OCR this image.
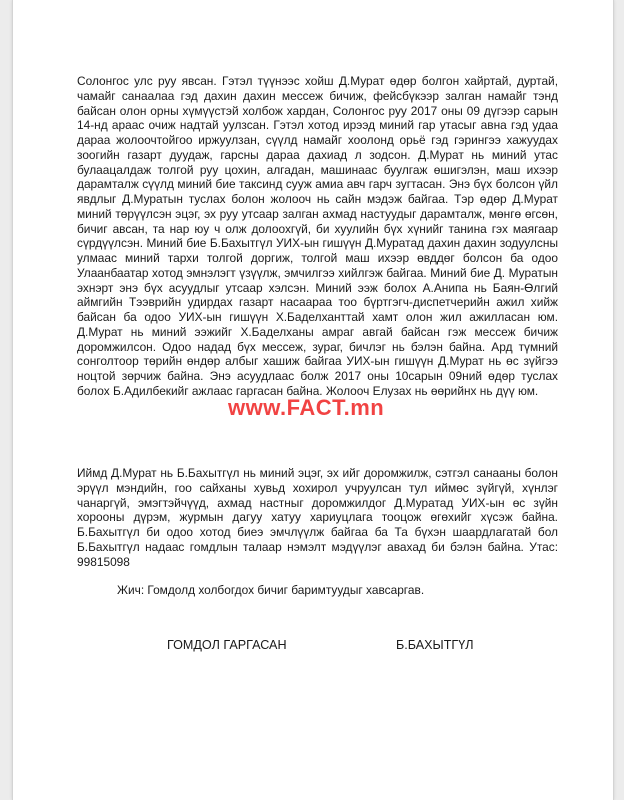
Солонгос улс руу явсан. Гэтэл түүнээс хойш Д.Мурат өдөр болгон хайртай, дуртай, чамайг санаалаа гэд дахин дахин мессеж бичиж, фейсбүкээр залган намайг тэнд байсан олон орны хүмүүстэй холбож хардан, Солонгос руу 2017 оны 09 дүгээр сарын 14-нд араас очиж надтай уулзсан. Гэтэл хотод ирээд миний гар утасыг авна гэд удаа дараа жолоочтойгоо иржуулзан, сүүлд намайг хоолонд орьё гэд гэрингээ хажуудах зоогийн газарт дуудаж, гарсны дараа дахиад л зодсон. Д.Мурат нь миний утас булаацалдаж толгой руу цохин, алгадан, машинаас буулгаж өшигэлэн, маш ихээр дарамталж сүүлд миний бие таксинд сууж амиа авч гарч зугтасан. Энэ бүх болсон үйл явдлыг Д.Муратын туслах болон жолооч нь сайн мэдэж байгаа. Тэр өдөр Д.Мурат миний төрүүлсэн эцэг, эх руу утсаар залган ахмад настуудыг дарамталж, мөнгө өгсөн, бичиг авсан, та нар юу ч олж долоохгүй, би хуулийн бүх хүнийг танина гэх маягаар сүрдүүлсэн. Миний бие Б.Бахытгүл УИХ-ын гишүүн Д.Муратад дахин дахин зодуулсны улмаас миний тархи толгой доргиж, толгой маш ихээр өвддөг болсон ба одоо Улаанбаатар хотод эмнэлэгт үзүүлж, эмчилгээ хийлгэж байгаа. Миний бие Д. Муратын эхнэрт энэ бүх асуудлыг утсаар хэлсэн. Миний ээж болох А.Анипа нь Баян-Өлгий аймгийн Тээврийн удирдах газарт насаараа тоо бүртгэгч-диспетчерийн ажил хийж байсан ба одоо УИХ-ын гишүүн Х.Баделханттай хамт олон жил ажилласан юм. Д.Мурат нь миний ээжийг Х.Баделханы амраг авгай байсан гэж мессеж бичиж доромжилсон. Одоо надад бүх мессеж, зураг, бичлэг нь бэлэн байна. Ард түмний сонголтоор төрийн өндөр албыг хашиж байгаа УИХ-ын гишүүн Д.Мурат нь өс зүйгээ ноцтой зөрчиж байна. Энэ асуудлаас болж 2017 оны 10сарын 09ний өдөр туслах болох Б.Адилбекийг ажлаас гаргасан байна. Жолооч Елузах нь өөрийнх нь дүү юм.

www.FACT.mn

Иймд Д.Мурат нь Б.Бахытгүл нь миний эцэг, эх ийг доромжилж, сэтгэл санааны болон эрүүл мэндийн, гоо сайханы хувьд хохирол учруулсан тул иймөс зүйгүй, хүнлэг чанаргүй, эмэгтэйчүүд, ахмад настныг доромжилдог Д.Муратад УИХ-ын өс зүйн хорооны дүрэм, журмын дагуу хатуу хариуцлага тооцож өгөхийг хүсэж байна. Б.Бахытгүл би одоо хотод биеэ эмчлүүлж байгаа ба Та бүхэн шаардлагатай бол Б.Бахытгүл надаас гомдлын талаар нэмэлт мэдүүлэг авахад би бэлэн байна. Утас: 99815098

Жич: Гомдолд холбогдох бичиг баримтуудыг хавсаргав.

ГОМДОЛ ГАРГАСАН	Б.БАХЫТГҮЛ
